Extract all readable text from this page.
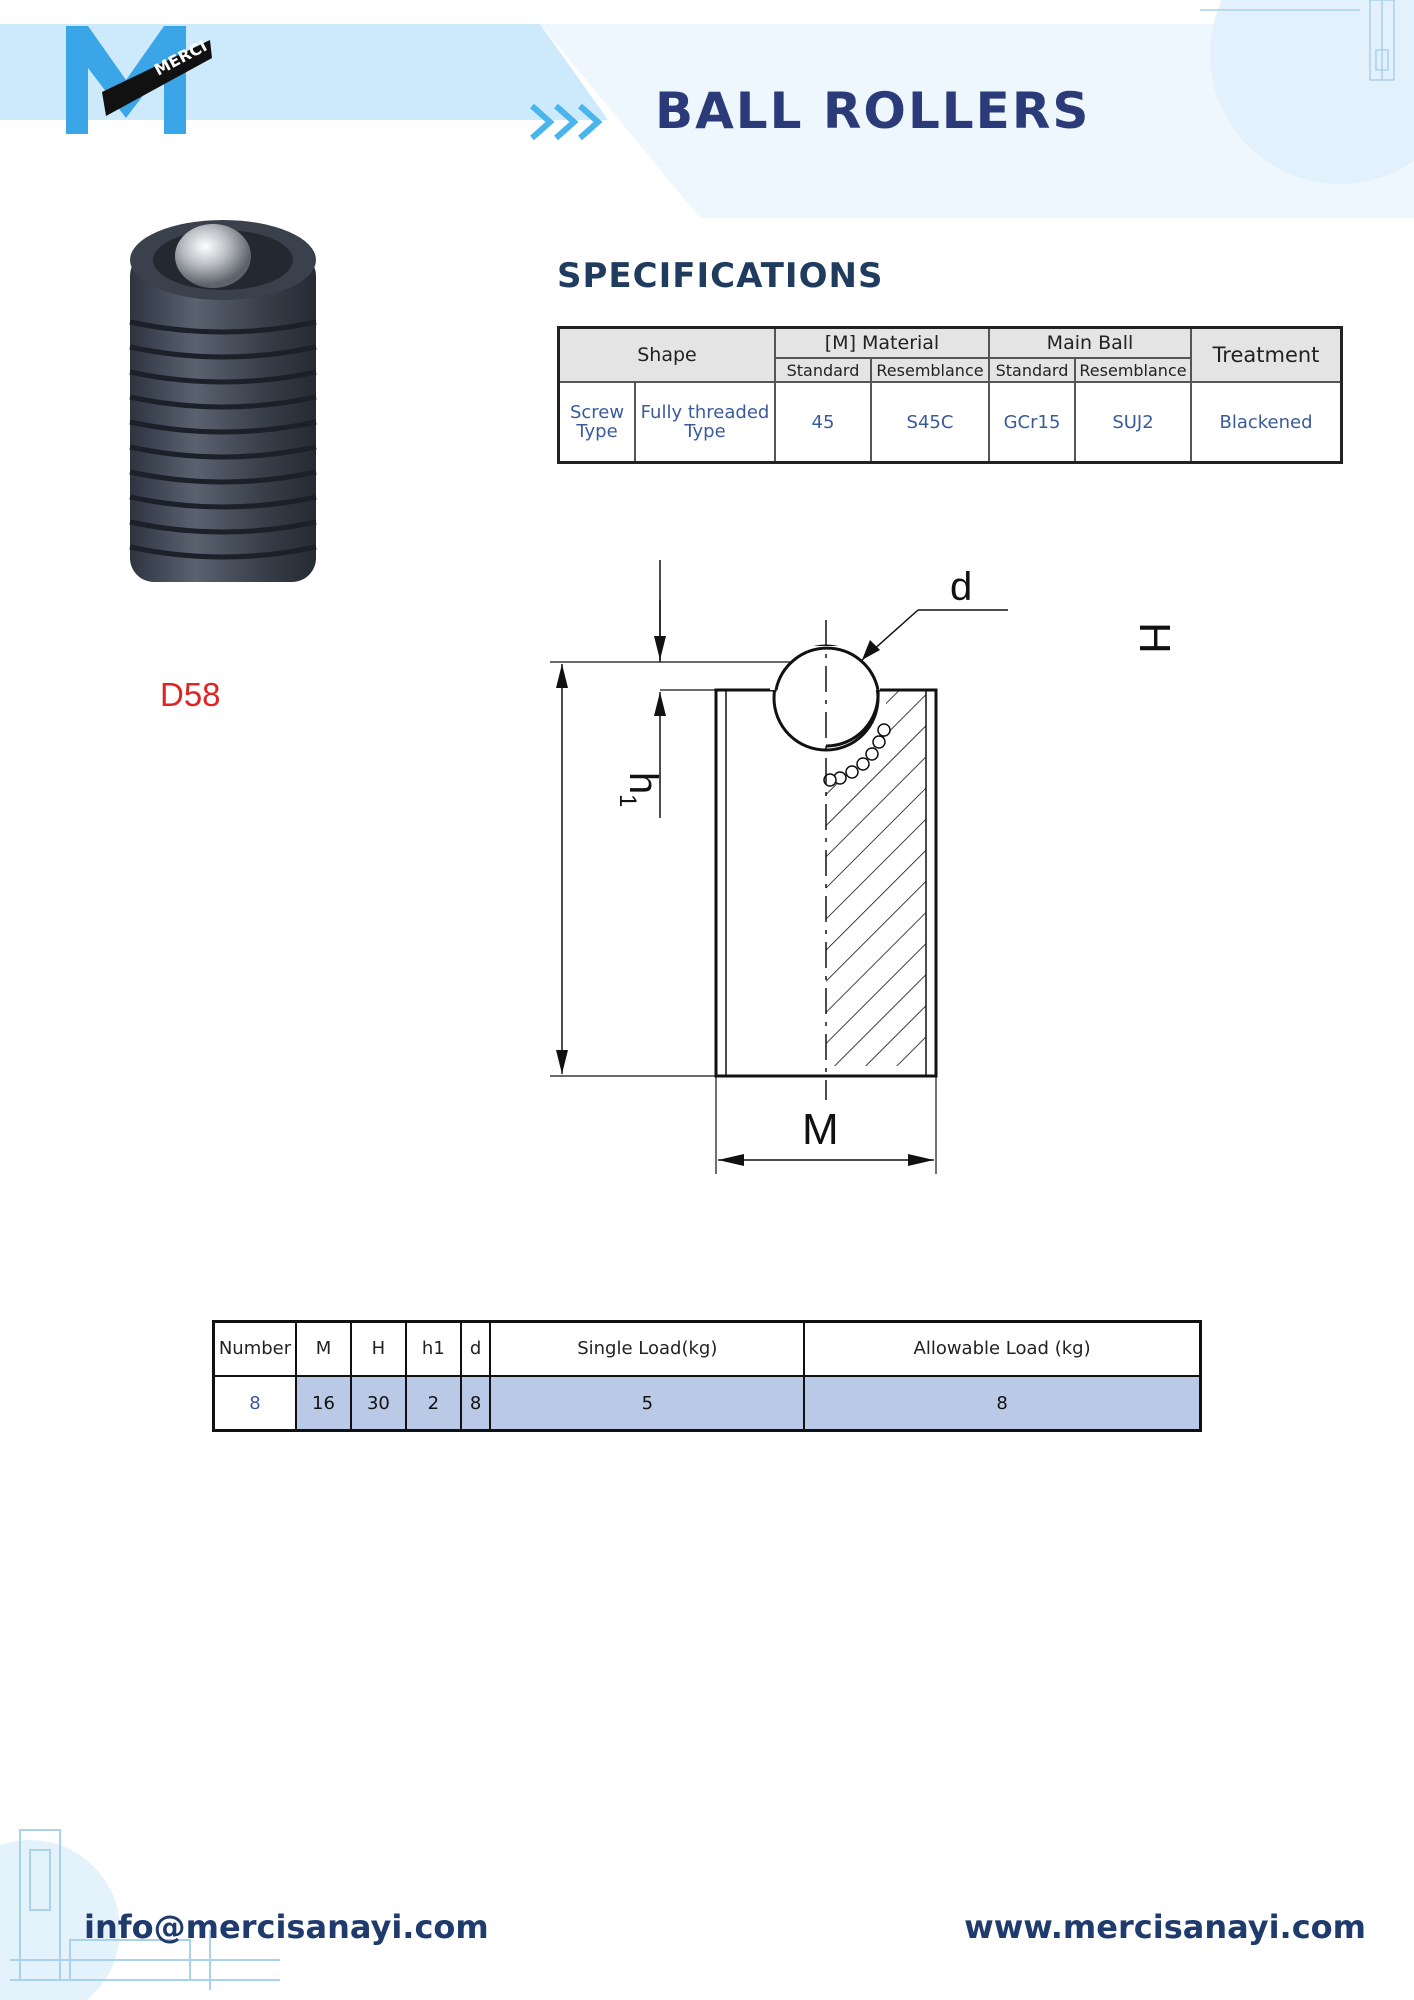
MERCI
BALL ROLLERS
D58
SPECIFICATIONS
Shape		[M] Material		Main Ball		Treatment
		Standard	Resemblance	Standard	Resemblance	
Screw Type	Fully threaded Type	45	S45C	GCr15	SUJ2	Blackened
d
H
h
1
M
Number	M	H	h1	d	Single Load(kg)	Allowable Load (kg)
8	16	30	2	8	5	8
info@mercisanayi.com	www.mercisanayi.com
